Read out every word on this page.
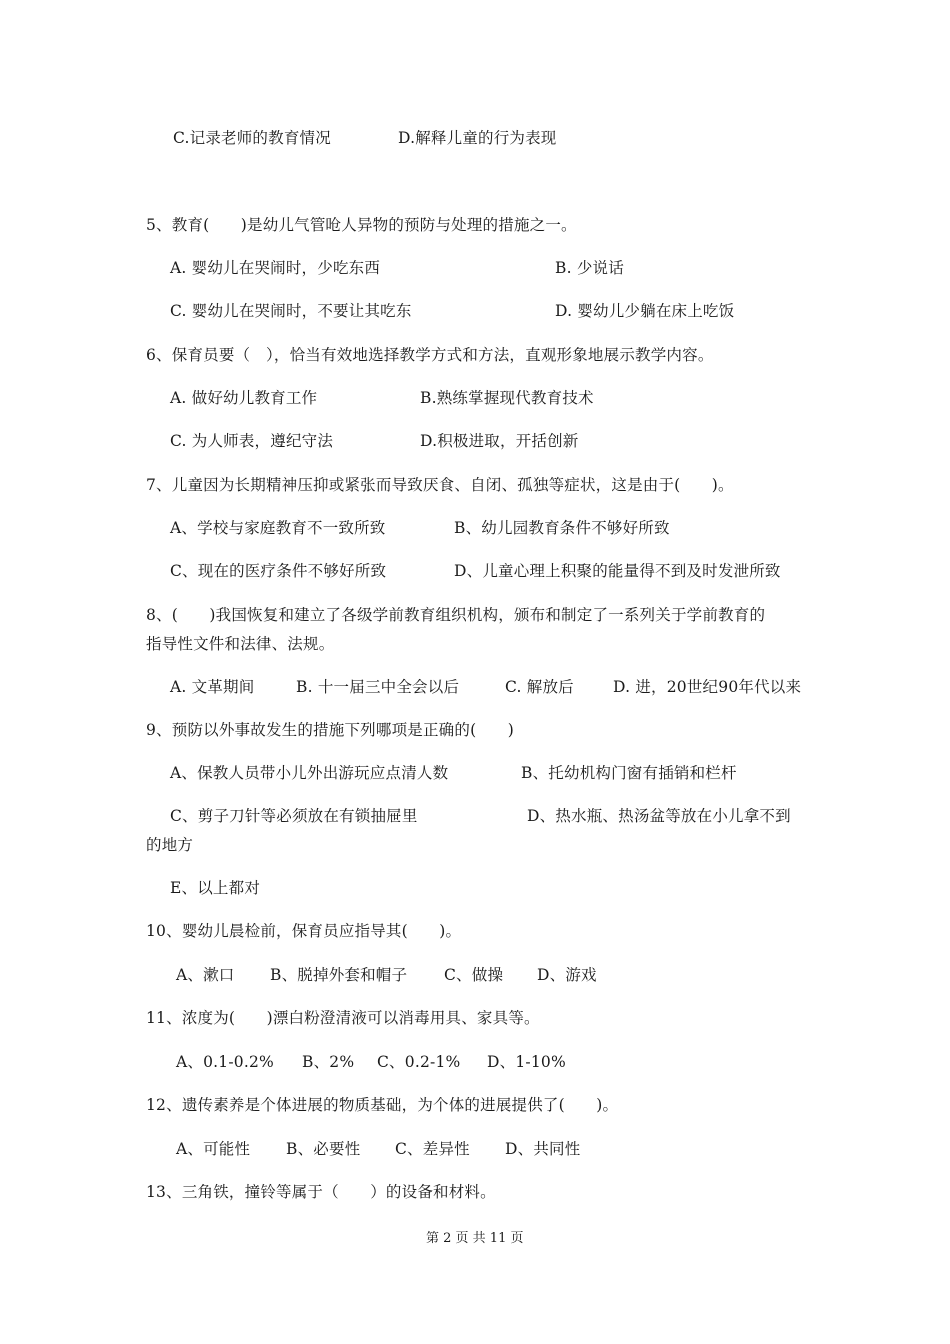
C.记录老师的教育情况	D.解释儿童的行为表现
5、教育(　　)是幼儿气管呛人异物的预防与处理的措施之一。
A. 婴幼儿在哭闹时，少吃东西	B. 少说话
C. 婴幼儿在哭闹时，不要让其吃东	D. 婴幼儿少躺在床上吃饭
6、保育员要（　），恰当有效地选择教学方式和方法，直观形象地展示教学内容。
A. 做好幼儿教育工作	B.熟练掌握现代教育技术
C. 为人师表，遵纪守法	D.积极进取，开括创新
7、儿童因为长期精神压抑或紧张而导致厌食、自闭、孤独等症状，这是由于(　　)。
A、学校与家庭教育不一致所致	B、幼儿园教育条件不够好所致
C、现在的医疗条件不够好所致	D、儿童心理上积聚的能量得不到及时发泄所致
8、(　　)我国恢复和建立了各级学前教育组织机构，颁布和制定了一系列关于学前教育的
指导性文件和法律、法规。
A. 文革期间	B. 十一届三中全会以后	C. 解放后	D. 进，20世纪90年代以来
9、预防以外事故发生的措施下列哪项是正确的(　　)
A、保教人员带小儿外出游玩应点清人数	B、托幼机构门窗有插销和栏杆
C、剪子刀针等必须放在有锁抽屉里	D、热水瓶、热汤盆等放在小儿拿不到
的地方
E、以上都对
10、婴幼儿晨检前，保育员应指导其(　　)。
A、漱口 B、脱掉外套和帽子 C、做操 D、游戏
11、浓度为(　　)漂白粉澄清液可以消毒用具、家具等。
A、0.1-0.2% B、2% C、0.2-1% D、1-10%
12、遗传素养是个体进展的物质基础，为个体的进展提供了(　　)。
A、可能性 B、必要性 C、差异性 D、共同性
13、三角铁，撞铃等属于（　　）的设备和材料。
第 2 页 共 11 页
